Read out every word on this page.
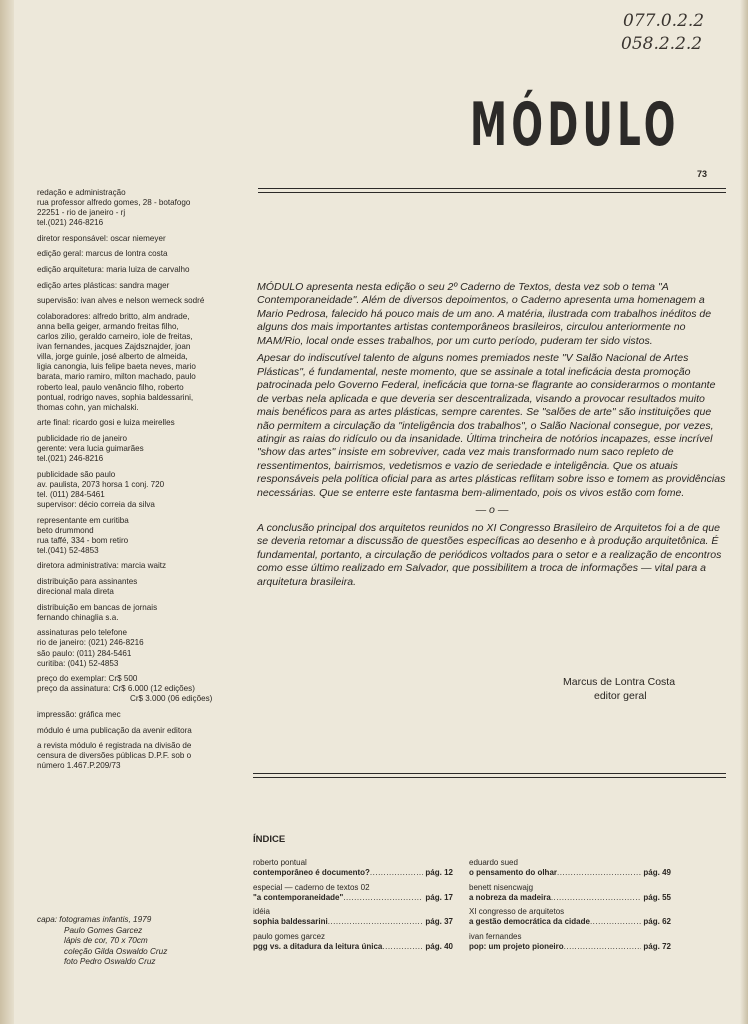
077.0.2.2
058.2.2.2
MÓDULO
73
redação e administração
rua professor alfredo gomes, 28 - botafogo
22251 - rio de janeiro - rj
tel.(021) 246-8216
diretor responsável: oscar niemeyer
edição geral: marcus de lontra costa
edição arquitetura: maria luiza de carvalho
edição artes plásticas: sandra mager
supervisão: ivan alves e nelson werneck sodré
colaboradores: alfredo britto, alm andrade,
anna bella geiger, armando freitas filho,
carlos zilio, geraldo carneiro, iole de freitas,
ivan fernandes, jacques Zajdsznajder, joan
villa, jorge guinle, josé alberto de almeida,
ligia canongia, luis felipe baeta neves, mario
barata, mario ramiro, milton machado, paulo
roberto leal, paulo venâncio filho, roberto
pontual, rodrigo naves, sophia baldessarini,
thomas cohn, yan michalski.
arte final: ricardo gosi e luiza meirelles
publicidade rio de janeiro
gerente: vera lucia guimarães
tel.(021) 246-8216
publicidade são paulo
av. paulista, 2073 horsa 1 conj. 720
tel. (011) 284-5461
supervisor: décio correia da silva
representante em curitiba
beto drummond
rua taffé, 334 - bom retiro
tel.(041) 52-4853
diretora administrativa: marcia waitz
distribuição para assinantes
direcional mala direta
distribuição em bancas de jornais
fernando chinaglia s.a.
assinaturas pelo telefone
rio de janeiro: (021) 246-8216
são paulo: (011) 284-5461
curitiba: (041) 52-4853
preço do exemplar: Cr$ 500
preço da assinatura: Cr$ 6.000 (12 edições)
Cr$ 3.000 (06 edições)
impressão: gráfica mec
módulo é uma publicação da avenir editora
a revista módulo é registrada na divisão de
censura de diversões públicas D.P.F. sob o
número 1.467.P.209/73

MÓDULO apresenta nesta edição o seu 2º Caderno de Textos, desta vez sob o tema "A Contemporaneidade". Além de diversos depoimentos, o Caderno apresenta uma homenagem a Mario Pedrosa, falecido há pouco mais de um ano. A matéria, ilustrada com trabalhos inéditos de alguns dos mais importantes artistas contemporâneos brasileiros, circulou anteriormente no MAM/Rio, local onde esses trabalhos, por um curto período, puderam ter sido vistos.

Apesar do indiscutível talento de alguns nomes premiados neste "V Salão Nacional de Artes Plásticas", é fundamental, neste momento, que se assinale a total ineficácia desta promoção patrocinada pelo Governo Federal, ineficácia que torna-se flagrante ao considerarmos o montante de verbas nela aplicada e que deveria ser descentralizada, visando a provocar resultados muito mais benéficos para as artes plásticas, sempre carentes. Se "salões de arte" são instituições que não permitem a circulação da "inteligência dos trabalhos", o Salão Nacional consegue, por vezes, atingir as raias do ridículo ou da insanidade. Última trincheira de notórios incapazes, esse incrível "show das artes" insiste em sobreviver, cada vez mais transformado num saco repleto de ressentimentos, bairrismos, vedetismos e vazio de seriedade e inteligência. Que os atuais responsáveis pela política oficial para as artes plásticas reflitam sobre isso e tomem as providências necessárias. Que se enterre este fantasma bem-alimentado, pois os vivos estão com fome.

— o —

A conclusão principal dos arquitetos reunidos no XI Congresso Brasileiro de Arquitetos foi a de que se deveria retomar a discussão de questões específicas ao desenho e à produção arquitetônica. É fundamental, portanto, a circulação de periódicos voltados para o setor e a realização de encontros como esse último realizado em Salvador, que possibilitem a troca de informações — vital para a arquitetura brasileira.

Marcus de Lontra Costa
editor geral
ÍNDICE
roberto pontual
contemporâneo é documento? .....	pág. 12
especial — caderno de textos 02
"a contemporaneidade" .....	pág. 17
idéia
sophia baldessarini .....	pág. 37
paulo gomes garcez
pgg vs. a ditadura da leitura única .....	pág. 40
eduardo sued
o pensamento do olhar .....	pág. 49
benett nisencwajg
a nobreza da madeira .....	pág. 55
XI congresso de arquitetos
a gestão democrática da cidade .....	pág. 62
ivan fernandes
pop: um projeto pioneiro .....	pág. 72
capa: fotogramas infantis, 1979
Paulo Gomes Garcez
lápis de cor, 70 x 70cm
coleção Gilda Oswaldo Cruz
foto Pedro Oswaldo Cruz
